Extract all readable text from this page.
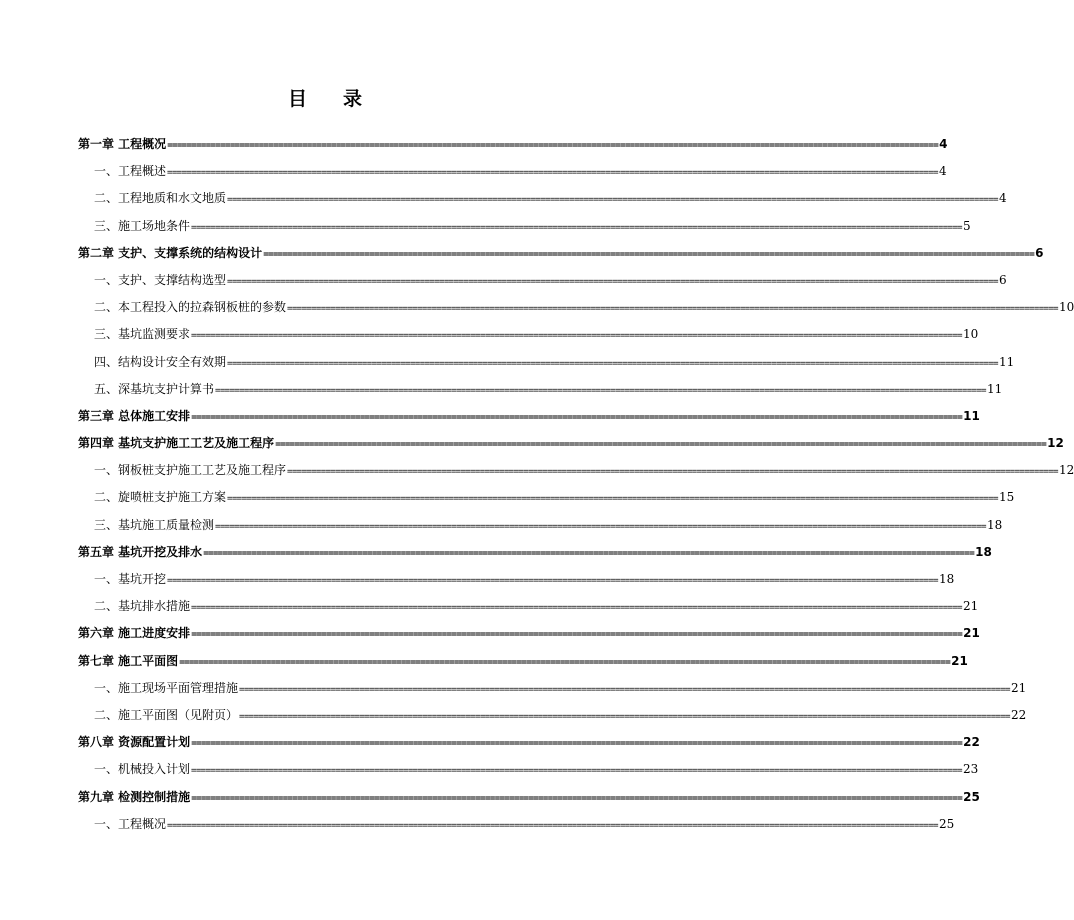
目 录
第一章 工程概况 ================================================================================================================================================================ 4
一、工程概述 ================================================================================================================================================================ 4
二、工程地质和水文地质 ================================================================================================================================================================ 4
三、施工场地条件 ================================================================================================================================================================ 5
第二章 支护、支撑系统的结构设计 ================================================================================================================================================================ 6
一、支护、支撑结构选型 ================================================================================================================================================================ 6
二、本工程投入的拉森钢板桩的参数 ================================================================================================================================================================ 10
三、基坑监测要求 ================================================================================================================================================================ 10
四、结构设计安全有效期 ================================================================================================================================================================ 11
五、深基坑支护计算书 ================================================================================================================================================================ 11
第三章 总体施工安排 ================================================================================================================================================================ 11
第四章 基坑支护施工工艺及施工程序 ================================================================================================================================================================ 12
一、钢板桩支护施工工艺及施工程序 ================================================================================================================================================================ 12
二、旋喷桩支护施工方案 ================================================================================================================================================================ 15
三、基坑施工质量检测 ================================================================================================================================================================ 18
第五章 基坑开挖及排水 ================================================================================================================================================================ 18
一、基坑开挖 ================================================================================================================================================================ 18
二、基坑排水措施 ================================================================================================================================================================ 21
第六章 施工进度安排 ================================================================================================================================================================ 21
第七章 施工平面图 ================================================================================================================================================================ 21
一、施工现场平面管理措施 ================================================================================================================================================================ 21
二、施工平面图（见附页） ================================================================================================================================================================ 22
第八章 资源配置计划 ================================================================================================================================================================ 22
一、机械投入计划 ================================================================================================================================================================ 23
第九章 检测控制措施 ================================================================================================================================================================ 25
一、工程概况 ================================================================================================================================================================ 25
